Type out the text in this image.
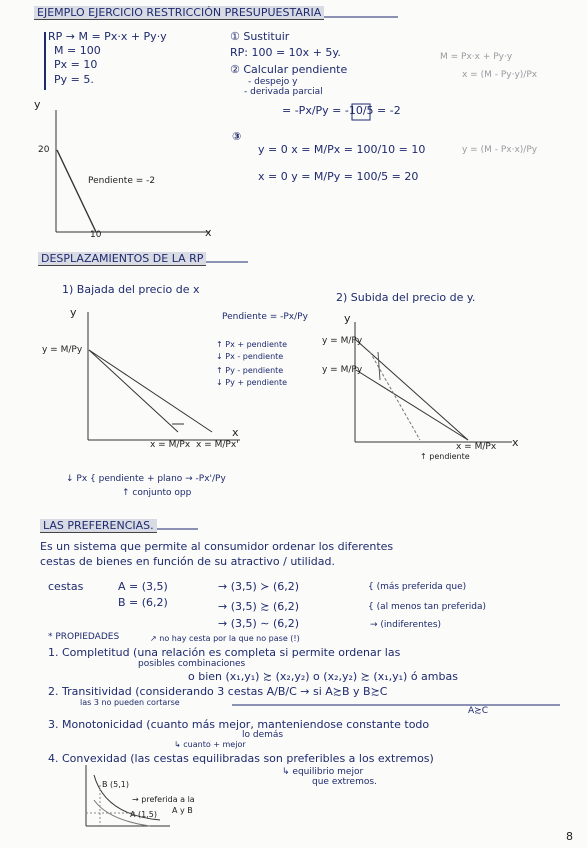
EJEMPLO EJERCICIO RESTRICCIÓN PRESUPUESTARIA
RP → M = Px·x + Py·y
M = 100
Px = 10
Py = 5.
① Sustituir
RP: 100 = 10x + 5y.
② Calcular pendiente
- despejo y
- derivada parcial
= -Px/Py = -10/5 = -2
③
y = 0 x = M/Px = 100/10 = 10
x = 0 y = M/Py = 100/5 = 20
M = Px·x + Py·y
x = (M - Py·y)/Px
y = (M - Px·x)/Py
y
x
20
10
Pendiente = -2
DESPLAZAMIENTOS DE LA RP
1) Bajada del precio de x
2) Subida del precio de y.
Pendiente = -Px/Py
↑ Px + pendiente
↓ Px - pendiente
↑ Py - pendiente
↓ Py + pendiente
y
x
y = M/Py
x = M/Px x = M/Px'
y
x
y = M/Py
y = M/Py
x = M/Px
↑ pendiente
↓ Px { pendiente + plano → -Px'/Py
↑ conjunto opp
LAS PREFERENCIAS.
Es un sistema que permite al consumidor ordenar los diferentes
cestas de bienes en función de su atractivo / utilidad.
cestas	A = (3,5)
B = (6,2)
→ (3,5) ≻ (6,2)	{ (más preferida que)
→ (3,5) ≿ (6,2)	{ (al menos tan preferida)
→ (3,5) ∼ (6,2)	→ (indiferentes)
* PROPIEDADES	↗ no hay cesta por la que no pase (!)
1. Completitud (una relación es completa si permite ordenar las
posibles combinaciones
o bien (x₁,y₁) ≿ (x₂,y₂) o (x₂,y₂) ≿ (x₁,y₁) ó ambas
2. Transitividad (considerando 3 cestas A/B/C → si A≿B y B≿C
las 3 no pueden cortarse
A≿C
3. Monotonicidad (cuanto más mejor, manteniendose constante todo
lo demás
↳ cuanto + mejor
4. Convexidad (las cestas equilibradas son preferibles a los extremos)
↳ equilibrio mejor
que extremos.
B (5,1)
A (1,5)
→ preferida a la
A y B
8
